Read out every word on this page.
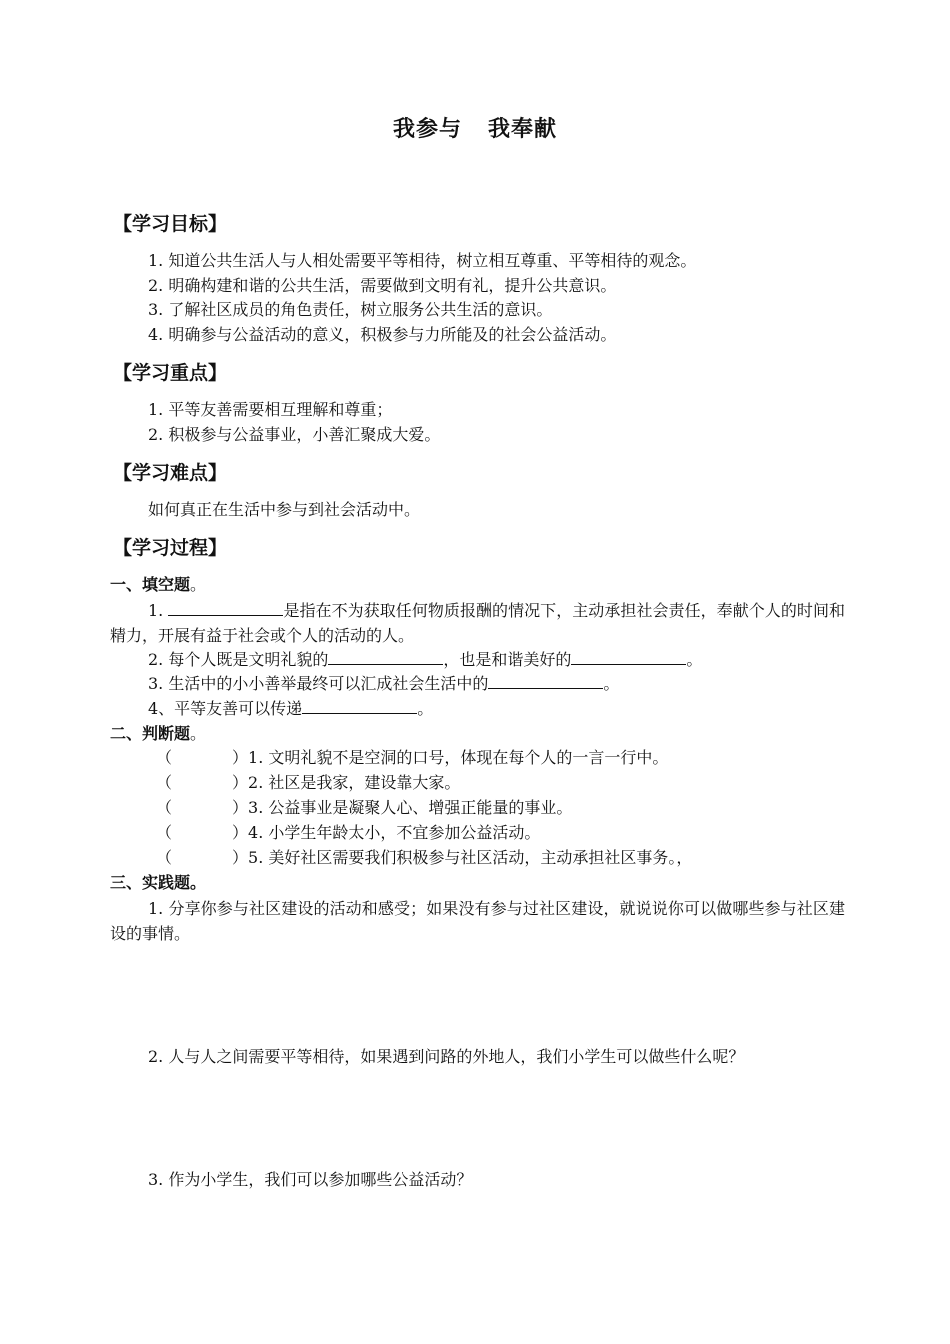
我参与 我奉献
【学习目标】
1. 知道公共生活人与人相处需要平等相待，树立相互尊重、平等相待的观念。
2. 明确构建和谐的公共生活，需要做到文明有礼，提升公共意识。
3. 了解社区成员的角色责任，树立服务公共生活的意识。
4. 明确参与公益活动的意义，积极参与力所能及的社会公益活动。
【学习重点】
1. 平等友善需要相互理解和尊重；
2. 积极参与公益事业，小善汇聚成大爱。
【学习难点】
如何真正在生活中参与到社会活动中。
【学习过程】
一、填空题。
1.	是指在不为获取任何物质报酬的情况下，主动承担社会责任，奉献个人的时间和精力，开展有益于社会或个人的活动的人。
2. 每个人既是文明礼貌的	，也是和谐美好的	。
3. 生活中的小小善举最终可以汇成社会生活中的	。
4、平等友善可以传递	。
二、判断题。
（	）1. 文明礼貌不是空洞的口号，体现在每个人的一言一行中。
（	）2. 社区是我家，建设靠大家。
（	）3. 公益事业是凝聚人心、增强正能量的事业。
（	）4. 小学生年龄太小，不宜参加公益活动。
（	）5. 美好社区需要我们积极参与社区活动，主动承担社区事务。，
三、实践题。
1. 分享你参与社区建设的活动和感受；如果没有参与过社区建设，就说说你可以做哪些参与社区建设的事情。
2. 人与人之间需要平等相待，如果遇到问路的外地人，我们小学生可以做些什么呢？
3. 作为小学生，我们可以参加哪些公益活动？
